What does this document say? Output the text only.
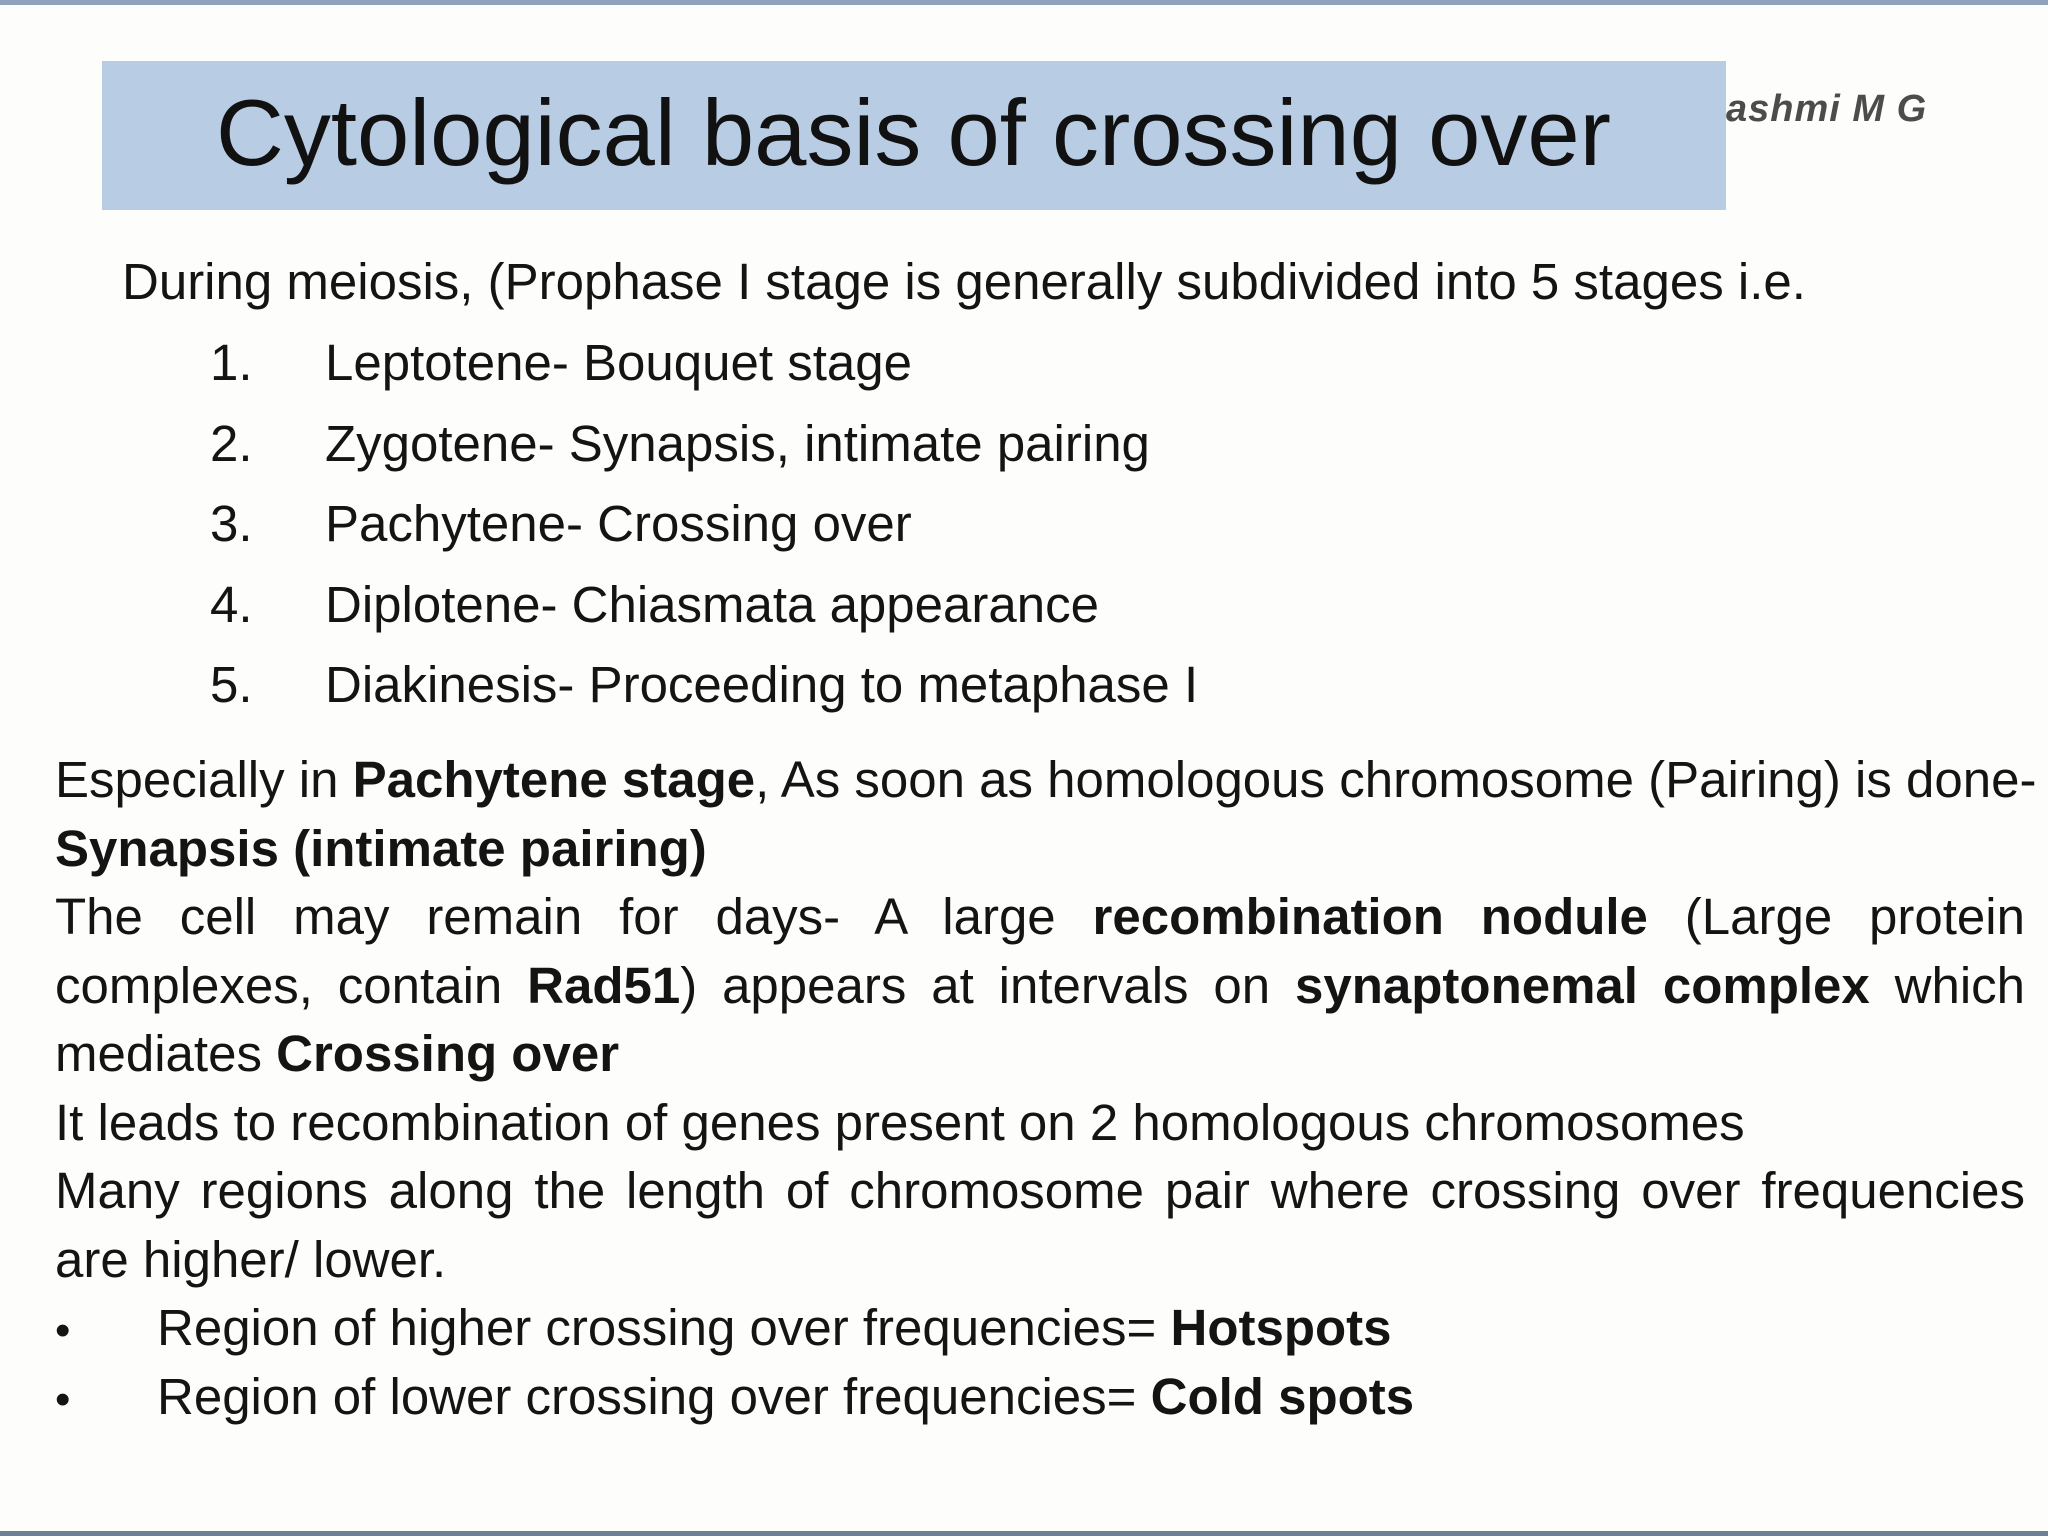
Cytological basis of crossing over	ashmi M G
During meiosis, (Prophase I stage is generally subdivided into 5 stages i.e.
1. Leptotene- Bouquet stage
2. Zygotene- Synapsis, intimate pairing
3. Pachytene- Crossing over
4. Diplotene- Chiasmata appearance
5. Diakinesis- Proceeding to metaphase I

Especially in Pachytene stage, As soon as homologous chromosome (Pairing) is done-
Synapsis (intimate pairing)

The cell may remain for days- A large recombination nodule (Large protein complexes, contain Rad51) appears at intervals on synaptonemal complex which mediates Crossing over

It leads to recombination of genes present on 2 homologous chromosomes

Many regions along the length of chromosome pair where crossing over frequencies are higher/ lower.

• Region of higher crossing over frequencies= Hotspots
• Region of lower crossing over frequencies= Cold spots
